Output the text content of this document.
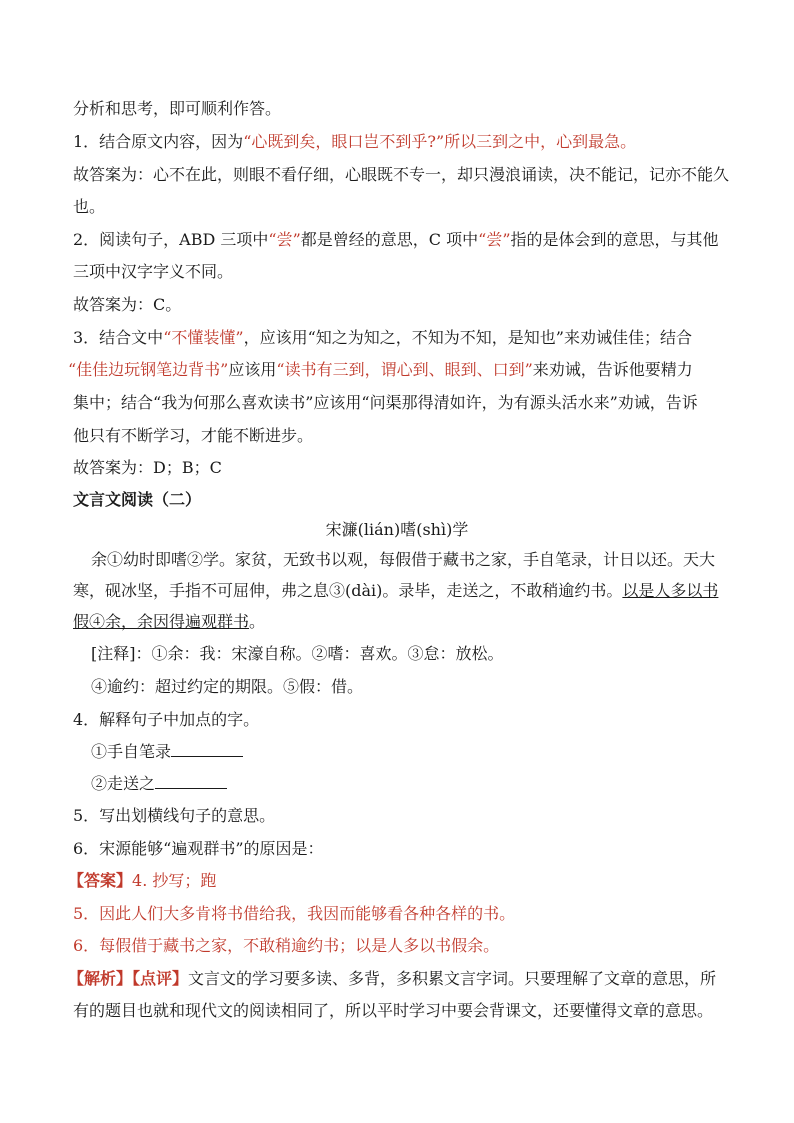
分析和思考，即可顺利作答。
1．结合原文内容，因为“心既到矣，眼口岂不到乎?”所以三到之中，心到最急。
故答案为：心不在此，则眼不看仔细，心眼既不专一，却只漫浪诵读，决不能记，记亦不能久
也。
2．阅读句子，ABD 三项中“尝”都是曾经的意思，C 项中“尝”指的是体会到的意思，与其他
三项中汉字字义不同。
故答案为：C。
3．结合文中“不懂装懂”，应该用“知之为知之，不知为不知，是知也”来劝诫佳佳；结合
“佳佳边玩钢笔边背书”应该用“读书有三到，谓心到、眼到、口到”来劝诫，告诉他要精力
集中；结合“我为何那么喜欢读书”应该用“问渠那得清如许，为有源头活水来”劝诫，告诉
他只有不断学习，才能不断进步。
故答案为：D；B；C
文言文阅读（二）
宋濂(lián)嗜(shì)学
余①幼时即嗜②学。家贫，无致书以观，每假借于藏书之家，手自笔录，计日以还。天大
寒，砚冰坚，手指不可屈伸，弗之息③(dài)。录毕，走送之，不敢稍逾约书。以是人多以书
假④余，余因得遍观群书。
[注释]：①余：我：宋濠自称。②嗜：喜欢。③怠：放松。
④逾约：超过约定的期限。⑤假：借。
4．解释句子中加点的字。
①手自笔录
②走送之
5．写出划横线句子的意思。
6．宋源能够“遍观群书”的原因是：
【答案】4. 抄写；跑
5．因此人们大多肯将书借给我，我因而能够看各种各样的书。
6．每假借于藏书之家，不敢稍逾约书；以是人多以书假余。
【解析】【点评】文言文的学习要多读、多背，多积累文言字词。只要理解了文章的意思，所
有的题目也就和现代文的阅读相同了，所以平时学习中要会背课文，还要懂得文章的意思。
